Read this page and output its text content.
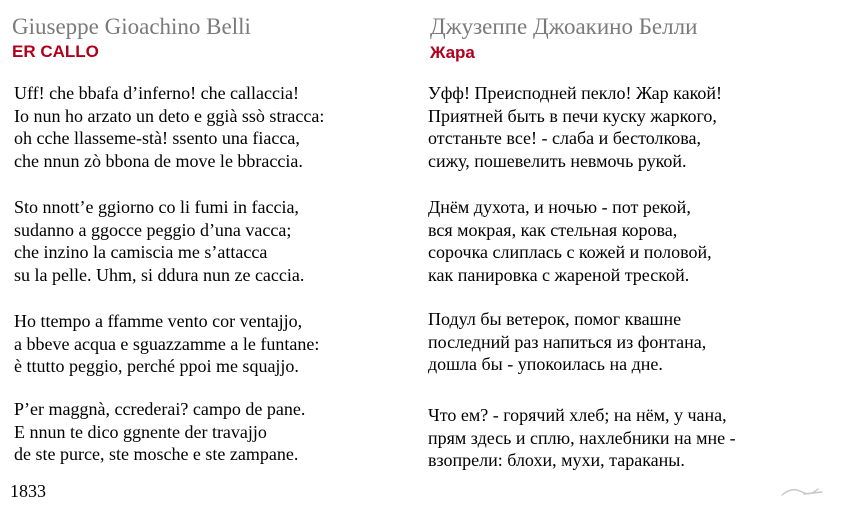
Giuseppe Gioachino Belli
ER CALLO

Uff! che bbafa d’inferno! che callaccia!
Io nun ho arzato un deto e ggià ssò stracca:
oh cche llasseme-stà! ssento una fiacca,
che nnun zò bbona de move le bbraccia.

Sto nnott’e ggiorno co li fumi in faccia,
sudanno a ggocce peggio d’una vacca;
che inzino la camiscia me s’attacca
su la pelle. Uhm, si ddura nun ze caccia.

Ho ttempo a ffamme vento cor ventajjo,
a bbeve acqua e sguazzamme a le funtane:
è ttutto peggio, perché ppoi me squajjo.

P’er maggnà, ccrederai? campo de pane.
E nnun te dico ggnente der travajjo
de ste purce, ste mosche e ste zampane.

1833
Джузеппе Джоакино Белли
Жара

Уфф! Преисподней пекло! Жар какой!
Приятней быть в печи куску жаркого,
отстаньте все! - слаба и бестолкова,
сижу, пошевелить невмочь рукой.

Днём духота, и ночью - пот рекой,
вся мокрая, как стельная корова,
сорочка слиплась с кожей и половой,
как панировка с жареной треской.

Подул бы ветерок, помог квашне
последний раз напиться из фонтана,
дошла бы - упокоилась на дне.

Что ем? - горячий хлеб; на нём, у чана,
прям здесь и сплю, нахлебники на мне -
взопрели: блохи, мухи, тараканы.
